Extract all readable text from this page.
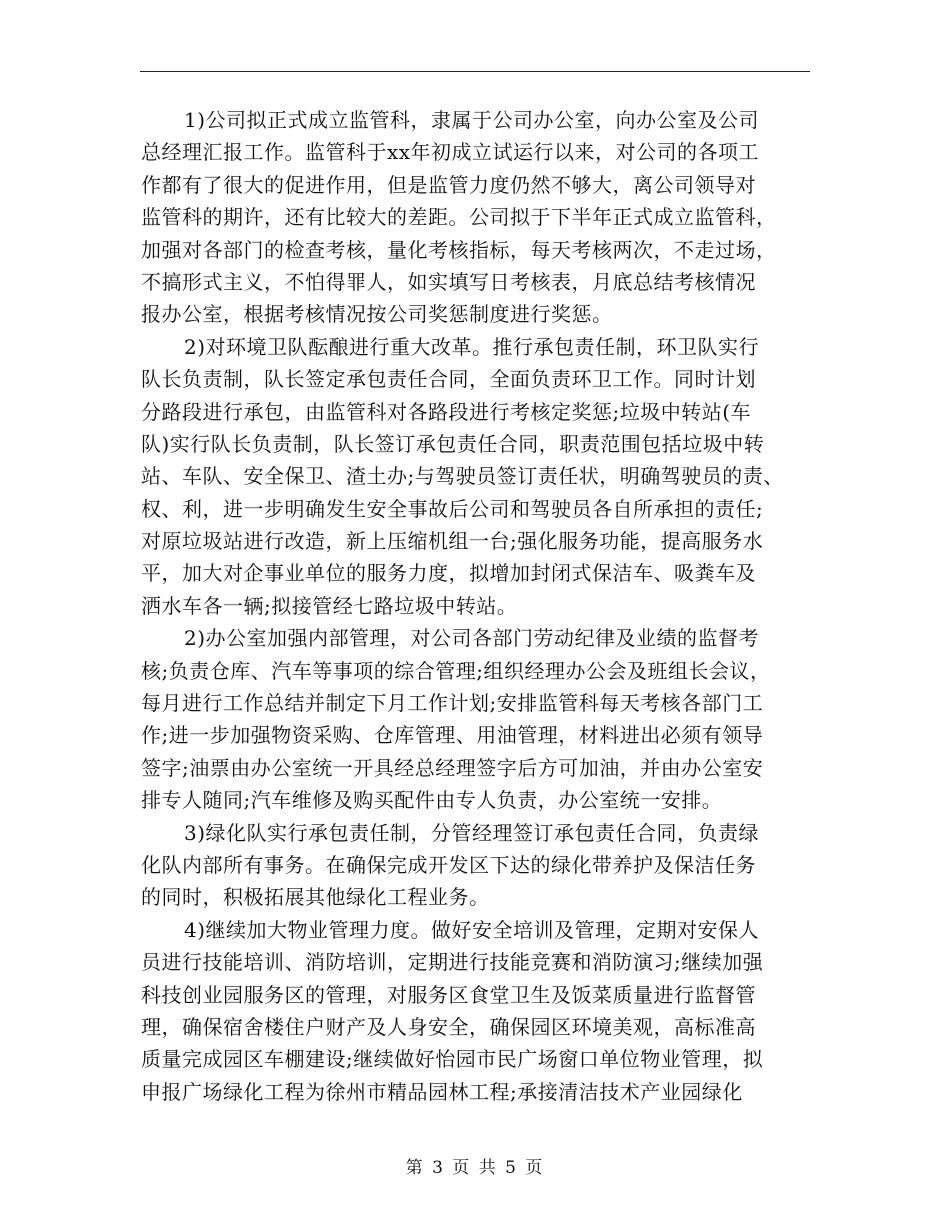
1)公司拟正式成立监管科，隶属于公司办公室，向办公室及公司
总经理汇报工作。监管科于xx年初成立试运行以来，对公司的各项工
作都有了很大的促进作用，但是监管力度仍然不够大，离公司领导对
监管科的期许，还有比较大的差距。公司拟于下半年正式成立监管科，
加强对各部门的检查考核，量化考核指标，每天考核两次，不走过场，
不搞形式主义，不怕得罪人，如实填写日考核表，月底总结考核情况
报办公室，根据考核情况按公司奖惩制度进行奖惩。
2)对环境卫队酝酿进行重大改革。推行承包责任制，环卫队实行
队长负责制，队长签定承包责任合同，全面负责环卫工作。同时计划
分路段进行承包，由监管科对各路段进行考核定奖惩;垃圾中转站(车
队)实行队长负责制，队长签订承包责任合同，职责范围包括垃圾中转
站、车队、安全保卫、渣土办;与驾驶员签订责任状，明确驾驶员的责、
权、利，进一步明确发生安全事故后公司和驾驶员各自所承担的责任;
对原垃圾站进行改造，新上压缩机组一台;强化服务功能，提高服务水
平，加大对企事业单位的服务力度，拟增加封闭式保洁车、吸粪车及
洒水车各一辆;拟接管经七路垃圾中转站。
2)办公室加强内部管理，对公司各部门劳动纪律及业绩的监督考
核;负责仓库、汽车等事项的综合管理;组织经理办公会及班组长会议，
每月进行工作总结并制定下月工作计划;安排监管科每天考核各部门工
作;进一步加强物资采购、仓库管理、用油管理，材料进出必须有领导
签字;油票由办公室统一开具经总经理签字后方可加油，并由办公室安
排专人随同;汽车维修及购买配件由专人负责，办公室统一安排。
3)绿化队实行承包责任制，分管经理签订承包责任合同，负责绿
化队内部所有事务。在确保完成开发区下达的绿化带养护及保洁任务
的同时，积极拓展其他绿化工程业务。
4)继续加大物业管理力度。做好安全培训及管理，定期对安保人
员进行技能培训、消防培训，定期进行技能竞赛和消防演习;继续加强
科技创业园服务区的管理，对服务区食堂卫生及饭菜质量进行监督管
理，确保宿舍楼住户财产及人身安全，确保园区环境美观，高标准高
质量完成园区车棚建设;继续做好怡园市民广场窗口单位物业管理，拟
申报广场绿化工程为徐州市精品园林工程;承接清洁技术产业园绿化
第 3 页 共 5 页
